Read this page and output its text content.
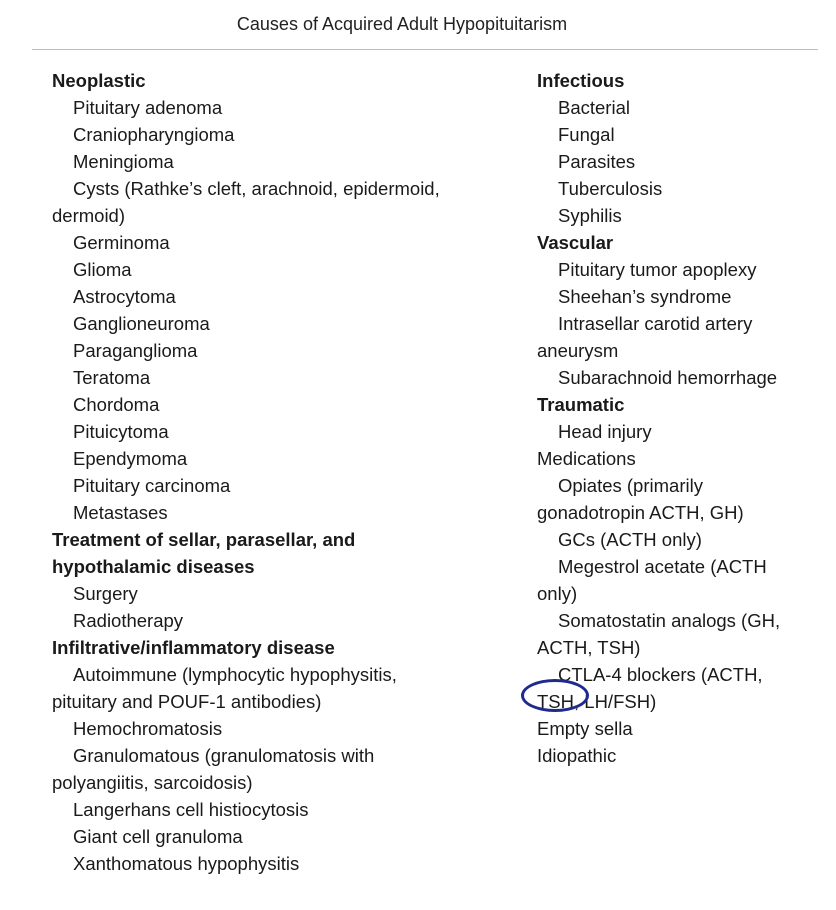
Causes of Acquired Adult Hypopituitarism
Neoplastic
Pituitary adenoma
Craniopharyngioma
Meningioma
Cysts (Rathke’s cleft, arachnoid, epidermoid,
dermoid)
Germinoma
Glioma
Astrocytoma
Ganglioneuroma
Paraganglioma
Teratoma
Chordoma
Pituicytoma
Ependymoma
Pituitary carcinoma
Metastases
Treatment of sellar, parasellar, and
hypothalamic diseases
Surgery
Radiotherapy
Infiltrative/inflammatory disease
Autoimmune (lymphocytic hypophysitis,
pituitary and POUF-1 antibodies)
Hemochromatosis
Granulomatous (granulomatosis with
polyangiitis, sarcoidosis)
Langerhans cell histiocytosis
Giant cell granuloma
Xanthomatous hypophysitis
Infectious
Bacterial
Fungal
Parasites
Tuberculosis
Syphilis
Vascular
Pituitary tumor apoplexy
Sheehan’s syndrome
Intrasellar carotid artery
aneurysm
Subarachnoid hemorrhage
Traumatic
Head injury
Medications
Opiates (primarily
gonadotropin ACTH, GH)
GCs (ACTH only)
Megestrol acetate (ACTH
only)
Somatostatin analogs (GH,
ACTH, TSH)
CTLA-4 blockers (ACTH,
TSH
, LH/FSH)
Empty sella
Idiopathic
